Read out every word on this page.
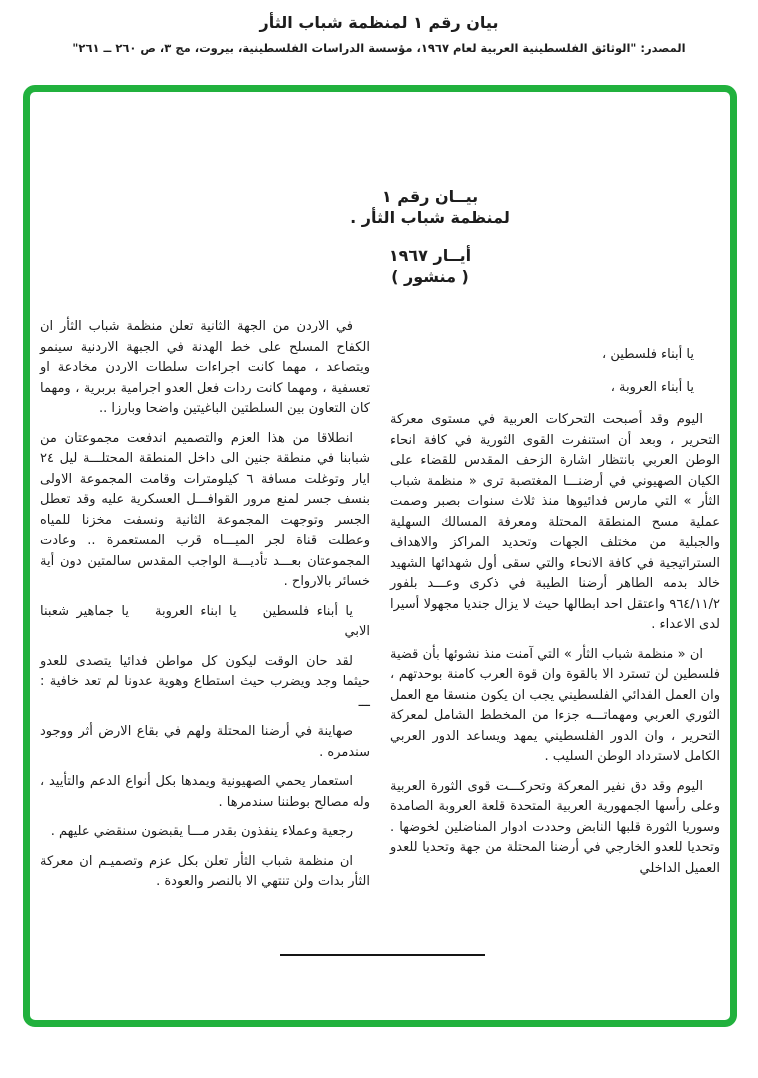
بيان رقم ١ لمنظمة شباب الثأر
المصدر: "الوثائق الفلسطينية العربية لعام ١٩٦٧، مؤسسة الدراسات الفلسطينية، بيروت، مج ٣، ص ٢٦٠ ــ ٢٦١"
بيــان رقم ١
لمنظمة شباب الثأر .
أيــار ١٩٦٧
( منشور )

يا أبناء فلسطين ،

يا أبناء العروبة ،

اليوم وقد أصبحت التحركات العربية في مستوى معركة التحرير ، وبعد أن استنفرت القوى الثورية في كافة انحاء الوطن العربي بانتظار اشارة الزحف المقدس للقضاء على الكيان الصهيوني في أرضنـــا المغتصبة ترى « منظمة شباب الثأر » التي مارس فدائيوها منذ ثلاث سنوات بصبر وصمت عملية مسح المنطقة المحتلة ومعرفة المسالك السهلية والجبلية من مختلف الجهات وتحديد المراكز والاهداف الستراتيجية في كافة الانحاء والتي سقى أول شهدائها الشهيد خالد بدمه الطاهر أرضنا الطيبة في ذكرى وعـــد بلفور ٩٦٤/١١/٢ واعتقل احد ابطالها حيث لا يزال جنديا مجهولا أسيرا لدى الاعداء .

ان « منظمة شباب الثأر » التي آمنت منذ نشوئها بأن قضية فلسطين لن تسترد الا بالقوة وان قوة العرب كامنة بوحدتهم ، وان العمل الفدائي الفلسطيني يجب ان يكون منسقا مع العمل الثوري العربي ومهماتـــه جزءا من المخطط الشامل لمعركة التحرير ، وان الدور الفلسطيني يمهد ويساعد الدور العربي الكامل لاسترداد الوطن السليب .

اليوم وقد دق نفير المعركة وتحركـــت قوى الثورة العربية وعلى رأسها الجمهورية العربية المتحدة قلعة العروبة الصامدة وسوريا الثورة قلبها النابض وحددت ادوار المناضلين لخوضها . وتحديا للعدو الخارجي في أرضنا المحتلة من جهة وتحديا للعدو العميل الداخلي

في الاردن من الجهة الثانية تعلن منظمة شباب الثأر ان الكفاح المسلح على خط الهدنة في الجبهة الاردنية سينمو ويتصاعد ، مهما كانت اجراءات سلطات الاردن مخادعة او تعسفية ، ومهما كانت ردات فعل العدو اجرامية بربرية ، ومهما كان التعاون بين السلطتين الباغيتين واضحا وبارزا ..

انطلاقا من هذا العزم والتصميم اندفعت مجموعتان من شبابنا في منطقة جنين الى داخل المنطقة المحتلـــة ليل ٢٤ ايار وتوغلت مسافة ٦ كيلومترات وقامت المجموعة الاولى بنسف جسر لمنع مرور القوافـــل العسكرية عليه وقد تعطل الجسر وتوجهت المجموعة الثانية ونسفت مخزنا للمياه وعطلت قناة لجر الميـــاه قرب المستعمرة .. وعادت المجموعتان بعـــد تأديـــة الواجب المقدس سالمتين دون أية خسائر بالارواح .

يا أبناء فلسطين  يا ابناء العروبة  يا جماهير شعبنا الابي

لقد حان الوقت ليكون كل مواطن فدائيا يتصدى للعدو حيثما وجد ويضرب حيث استطاع وهوية عدونا لم تعد خافية : ـــ

صهاينة في أرضنا المحتلة ولهم في بقاع الارض أثر ووجود سندمره .

استعمار يحمي الصهيونية ويمدها بكل أنواع الدعم والتأييد ، وله مصالح بوطننا سندمرها .

رجعية وعملاء ينفذون بقدر مـــا يقبضون سنقضي عليهم .

ان منظمة شباب الثأر تعلن بكل عزم وتصميـم ان معركة الثأر بدات ولن تنتهي الا بالنصر والعودة .
